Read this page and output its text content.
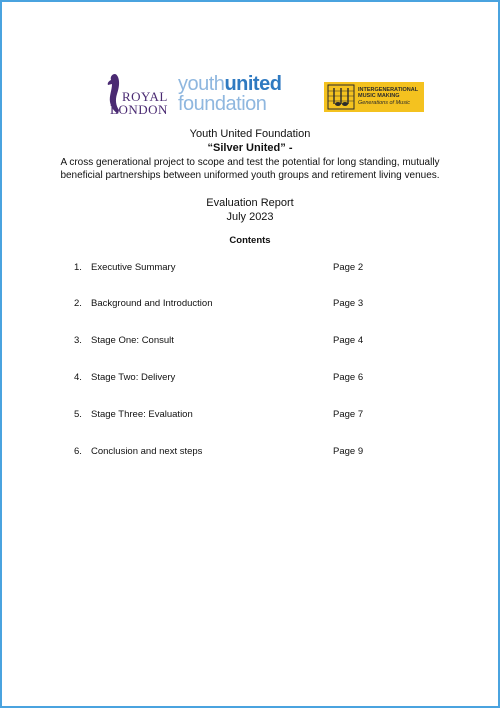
ROYAL
LONDON
youthunited
foundation
INTERGENERATIONAL
MUSIC MAKING
Generations of Music
Youth United Foundation
“Silver United” -
A cross generational project to scope and test the potential for long standing, mutually beneficial partnerships between uniformed youth groups and retirement living venues.
Evaluation Report
July 2023
Contents
1. Executive Summary	Page 2
2. Background and Introduction	Page 3
3. Stage One: Consult	Page 4
4. Stage Two: Delivery	Page 6
5. Stage Three: Evaluation	Page 7
6. Conclusion and next steps	Page 9
